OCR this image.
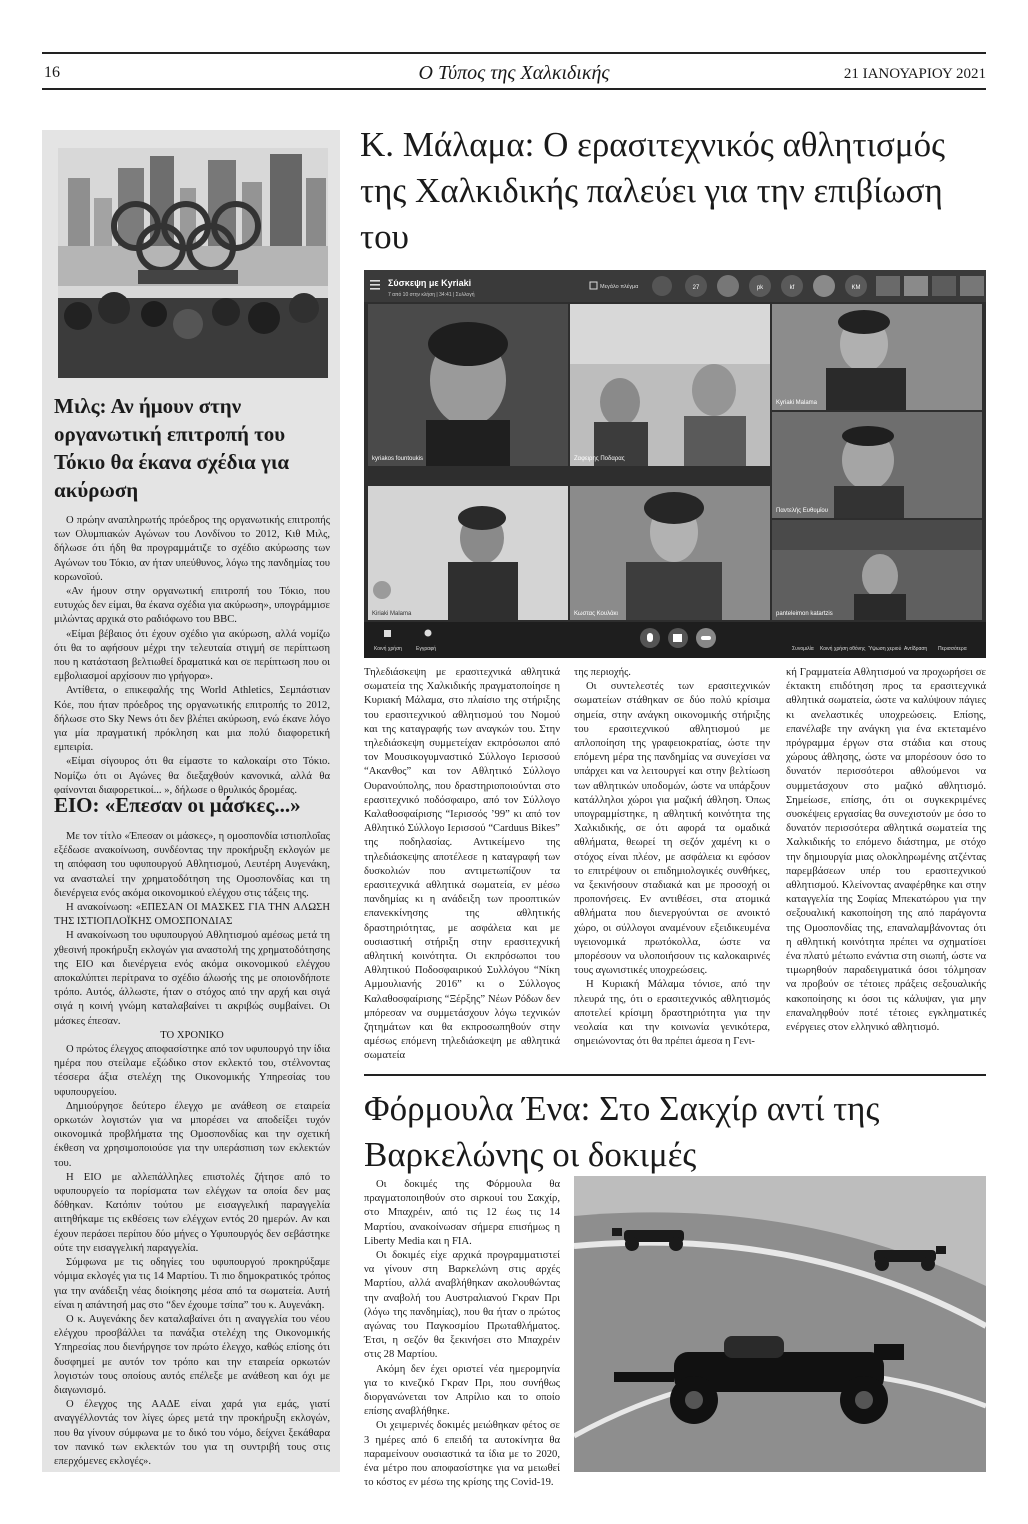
16	Ο Τύπος της Χαλκιδικής	21 ΙΑΝΟΥΑΡΙΟΥ 2021
Μιλς: Αν ήμουν στην οργανωτική επιτροπή του Τόκιο θα έκανα σχέδια για ακύρωση

Ο πρώην αναπληρωτής πρόεδρος της οργανωτικής επιτροπής των Ολυμπιακών Αγώνων του Λονδίνου το 2012, Κιθ Μιλς, δήλωσε ότι ήδη θα προγραμμάτιζε το σχέδιο ακύρωσης των Αγώνων του Τόκιο, αν ήταν υπεύθυνος, λόγω της πανδημίας του κορωνοϊού.

«Αν ήμουν στην οργανωτική επιτροπή του Τόκιο, που ευτυχώς δεν είμαι, θα έκανα σχέδια για ακύρωση», υπογράμμισε μιλώντας αρχικά στο ραδιόφωνο του BBC.

«Είμαι βέβαιος ότι έχουν σχέδιο για ακύρωση, αλλά νομίζω ότι θα το αφήσουν μέχρι την τελευταία στιγμή σε περίπτωση που η κατάσταση βελτιωθεί δραματικά και σε περίπτωση που οι εμβολιασμοί αρχίσουν πιο γρήγορα».

Αντίθετα, ο επικεφαλής της World Athletics, Σεμπάστιαν Κόε, που ήταν πρόεδρος της οργανωτικής επιτροπής το 2012, δήλωσε στο Sky News ότι δεν βλέπει ακύρωση, ενώ έκανε λόγο για μία πραγματική πρόκληση και μια πολύ διαφορετική εμπειρία.

«Είμαι σίγουρος ότι θα είμαστε το καλοκαίρι στο Τόκιο. Νομίζω ότι οι Αγώνες θα διεξαχθούν κανονικά, αλλά θα φαίνονται διαφορετικοί... », δήλωσε ο θρυλικός δρομέας.

ΕΙΟ: «Επεσαν οι μάσκες...»

Με τον τίτλο «Έπεσαν οι μάσκες», η ομοσπονδία ιστιοπλοΐας εξέδωσε ανακοίνωση, συνδέοντας την προκήρυξη εκλογών με τη απόφαση του υφυπουργού Αθλητισμού, Λευτέρη Αυγενάκη, να ανασταλεί την χρηματοδότηση της Ομοσπονδίας και τη διενέργεια ενός ακόμα οικονομικού ελέγχου στις τάξεις της.

Η ανακοίνωση: «ΕΠΕΣΑΝ ΟΙ ΜΑΣΚΕΣ ΓΙΑ ΤΗΝ ΑΛΩΣΗ ΤΗΣ ΙΣΤΙΟΠΛΟΪΚΗΣ ΟΜΟΣΠΟΝΔΙΑΣ

Η ανακοίνωση του υφυπουργού Αθλητισμού αμέσως μετά τη χθεσινή προκήρυξη εκλογών για αναστολή της χρηματοδότησης της ΕΙΟ και διενέργεια ενός ακόμα οικονομικού ελέγχου αποκαλύπτει περίτρανα το σχέδιο άλωσής της με οποιονδήποτε τρόπο. Αυτός, άλλωστε, ήταν ο στόχος από την αρχή και σιγά σιγά η κοινή γνώμη καταλαβαίνει τι ακριβώς συμβαίνει. Οι μάσκες έπεσαν.

ΤΟ ΧΡΟΝΙΚΟ

Ο πρώτος έλεγχος αποφασίστηκε από τον υφυπουργό την ίδια ημέρα που στείλαμε εξώδικο στον εκλεκτό του, στέλνοντας τέσσερα άξια στελέχη της Οικονομικής Υπηρεσίας του υφυπουργείου.

Δημιούργησε δεύτερο έλεγχο με ανάθεση σε εταιρεία ορκωτών λογιστών για να μπορέσει να αποδείξει τυχόν οικονομικά προβλήματα της Ομοσπονδίας και την σχετική έκθεση να χρησιμοποιούσε για την υπεράσπιση των εκλεκτών του.

Η ΕΙΟ με αλλεπάλληλες επιστολές ζήτησε από το υφυπουργείο τα πορίσματα των ελέγχων τα οποία δεν μας δόθηκαν. Κατόπιν τούτου με εισαγγελική παραγγελία αιτηθήκαμε τις εκθέσεις των ελέγχων εντός 20 ημερών. Αν και έχουν περάσει περίπου δύο μήνες ο Υφυπουργός δεν σεβάστηκε ούτε την εισαγγελική παραγγελία.

Σύμφωνα με τις οδηγίες του υφυπουργού προκηρύξαμε νόμιμα εκλογές για τις 14 Μαρτίου. Τι πιο δημοκρατικός τρόπος για την ανάδειξη νέας διοίκησης μέσα από τα σωματεία. Αυτή είναι η απάντησή μας στο “δεν έχουμε τσίπα” του κ. Αυγενάκη.

Ο κ. Αυγενάκης δεν καταλαβαίνει ότι η αναγγελία του νέου ελέγχου προσβάλλει τα πανάξια στελέχη της Οικονομικής Υπηρεσίας που διενήργησε τον πρώτο έλεγχο, καθώς επίσης ότι δυσφημεί με αυτόν τον τρόπο και την εταιρεία ορκωτών λογιστών τους οποίους αυτός επέλεξε με ανάθεση και όχι με διαγωνισμό.

Ο έλεγχος της ΑΑΔΕ είναι χαρά για εμάς, γιατί αναγγέλλοντάς τον λίγες ώρες μετά την προκήρυξη εκλογών, που θα γίνουν σύμφωνα με το δικό του νόμο, δείχνει ξεκάθαρα τον πανικό των εκλεκτών του για τη συντριβή τους στις επερχόμενες εκλογές».

Κ. Μάλαμα: Ο ερασιτεχνικός αθλητισμός της Χαλκιδικής παλεύει για την επιβίωση του
Σύσκεψη με Kyriaki
7 από 10 στην κλήση | 34:41 | Συλλογή
Μεγάλο πλέγμα	27	pk	kf	KM
kyriakos fountoukis	Ζαφειρης Ποδαρας
Kyriaki Malama
Παντελής Ευθυμίου
Kiriaki Malama	Κωστας Κουλάκι	panteleimon katartzis
Κοινή χρήση	Εγγραφή	Συνομιλία Κοινή χρήση οθόνης Ύψωση χεριού Αντίδραση Περισσότερα

Τηλεδιάσκεψη με ερασιτεχνικά αθλητικά σωματεία της Χαλκιδικής πραγματοποίησε η Κυριακή Μάλαμα, στο πλαίσιο της στήριξης του ερασιτεχνικού αθλητισμού του Νομού και της καταγραφής των αναγκών του. Στην τηλεδιάσκεψη συμμετείχαν εκπρόσωποι από τον Μουσικογυμναστικό Σύλλογο Ιερισσού “Ακανθος” και τον Αθλητικό Σύλλογο Ουρανούπολης, που δραστηριοποιούνται στο ερασιτεχνικό ποδόσφαιρο, από τον Σύλλογο Καλαθοσφαίρισης “Ιερισσός ’99” κι από τον Αθλητικό Σύλλογο Ιερισσού “Carduus Bikes” της ποδηλασίας. Αντικείμενο της τηλεδιάσκεψης αποτέλεσε η καταγραφή των δυσκολιών που αντιμετωπίζουν τα ερασιτεχνικά αθλητικά σωματεία, εν μέσω πανδημίας κι η ανάδειξη των προοπτικών επανεκκίνησης της αθλητικής δραστηριότητας, με ασφάλεια και με ουσιαστική στήριξη στην ερασιτεχνική αθλητική κοινότητα. Οι εκπρόσωποι του Αθλητικού Ποδοσφαιρικού Συλλόγου “Νίκη Αμμουλιανής 2016” κι ο Σύλλογος Καλαθοσφαίρισης “Ξέρξης” Νέων Ρόδων δεν μπόρεσαν να συμμετάσχουν λόγω τεχνικών ζητημάτων και θα εκπροσωπηθούν στην αμέσως επόμενη τηλεδιάσκεψη με αθλητικά σωματεία

της περιοχής.

Οι συντελεστές των ερασιτεχνικών σωματείων στάθηκαν σε δύο πολύ κρίσιμα σημεία, στην ανάγκη οικονομικής στήριξης του ερασιτεχνικού αθλητισμού με απλοποίηση της γραφειοκρατίας, ώστε την επόμενη μέρα της πανδημίας να συνεχίσει να υπάρχει και να λειτουργεί και στην βελτίωση των αθλητικών υποδομών, ώστε να υπάρξουν κατάλληλοι χώροι για μαζική άθληση. Όπως υπογραμμίστηκε, η αθλητική κοινότητα της Χαλκιδικής, σε ότι αφορά τα ομαδικά αθλήματα, θεωρεί τη σεζόν χαμένη κι ο στόχος είναι πλέον, με ασφάλεια κι εφόσον το επιτρέψουν οι επιδημιολογικές συνθήκες, να ξεκινήσουν σταδιακά και με προσοχή οι προπονήσεις. Εν αντιθέσει, στα ατομικά αθλήματα που διενεργούνται σε ανοικτό χώρο, οι σύλλογοι αναμένουν εξειδικευμένα υγειονομικά πρωτόκολλα, ώστε να μπορέσουν να υλοποιήσουν τις καλοκαιρινές τους αγωνιστικές υποχρεώσεις.

Η Κυριακή Μάλαμα τόνισε, από την πλευρά της, ότι ο ερασιτεχνικός αθλητισμός αποτελεί κρίσιμη δραστηριότητα για την νεολαία και την κοινωνία γενικότερα, σημειώνοντας ότι θα πρέπει άμεσα η Γενι-

κή Γραμματεία Αθλητισμού να προχωρήσει σε έκτακτη επιδότηση προς τα ερασιτεχνικά αθλητικά σωματεία, ώστε να καλύψουν πάγιες κι ανελαστικές υποχρεώσεις. Επίσης, επανέλαβε την ανάγκη για ένα εκτεταμένο πρόγραμμα έργων στα στάδια και στους χώρους άθλησης, ώστε να μπορέσουν όσο το δυνατόν περισσότεροι αθλούμενοι να συμμετάσχουν στο μαζικό αθλητισμό. Σημείωσε, επίσης, ότι οι συγκεκριμένες συσκέψεις εργασίας θα συνεχιστούν με όσο το δυνατόν περισσότερα αθλητικά σωματεία της Χαλκιδικής το επόμενο διάστημα, με στόχο την δημιουργία μιας ολοκληρωμένης ατζέντας παρεμβάσεων υπέρ του ερασιτεχνικού αθλητισμού. Κλείνοντας αναφέρθηκε και στην καταγγελία της Σοφίας Μπεκατώρου για την σεξουαλική κακοποίηση της από παράγοντα της Ομοσπονδίας της, επαναλαμβάνοντας ότι η αθλητική κοινότητα πρέπει να σχηματίσει ένα πλατύ μέτωπο ενάντια στη σιωπή, ώστε να τιμωρηθούν παραδειγματικά όσοι τόλμησαν να προβούν σε τέτοιες πράξεις σεξουαλικής κακοποίησης κι όσοι τις κάλυψαν, για μην επαναληφθούν ποτέ τέτοιες εγκληματικές ενέργειες στον ελληνικό αθλητισμό.

Φόρμουλα Ένα: Στο Σακχίρ αντί της Βαρκελώνης οι δοκιμές

Οι δοκιμές της Φόρμουλα θα πραγματοποιηθούν στο σιρκουί του Σακχίρ, στο Μπαχρέιν, από τις 12 έως τις 14 Μαρτίου, ανακοίνωσαν σήμερα επισήμως η Liberty Media και η FIA.

Οι δοκιμές είχε αρχικά προγραμματιστεί να γίνουν στη Βαρκελώνη στις αρχές Μαρτίου, αλλά αναβλήθηκαν ακολουθώντας την αναβολή του Αυστραλιανού Γκραν Πρι (λόγω της πανδημίας), που θα ήταν ο πρώτος αγώνας του Παγκοσμίου Πρωταθλήματος. Έτσι, η σεζόν θα ξεκινήσει στο Μπαχρέιν στις 28 Μαρτίου.

Ακόμη δεν έχει οριστεί νέα ημερομηνία για το κινεζικό Γκραν Πρι, που συνήθως διοργανώνεται τον Απρίλιο και το οποίο επίσης αναβλήθηκε.

Οι χειμερινές δοκιμές μειώθηκαν φέτος σε 3 ημέρες από 6 επειδή τα αυτοκίνητα θα παραμείνουν ουσιαστικά τα ίδια με το 2020, ένα μέτρο που αποφασίστηκε για να μειωθεί το κόστος εν μέσω της κρίσης της Covid-19.
